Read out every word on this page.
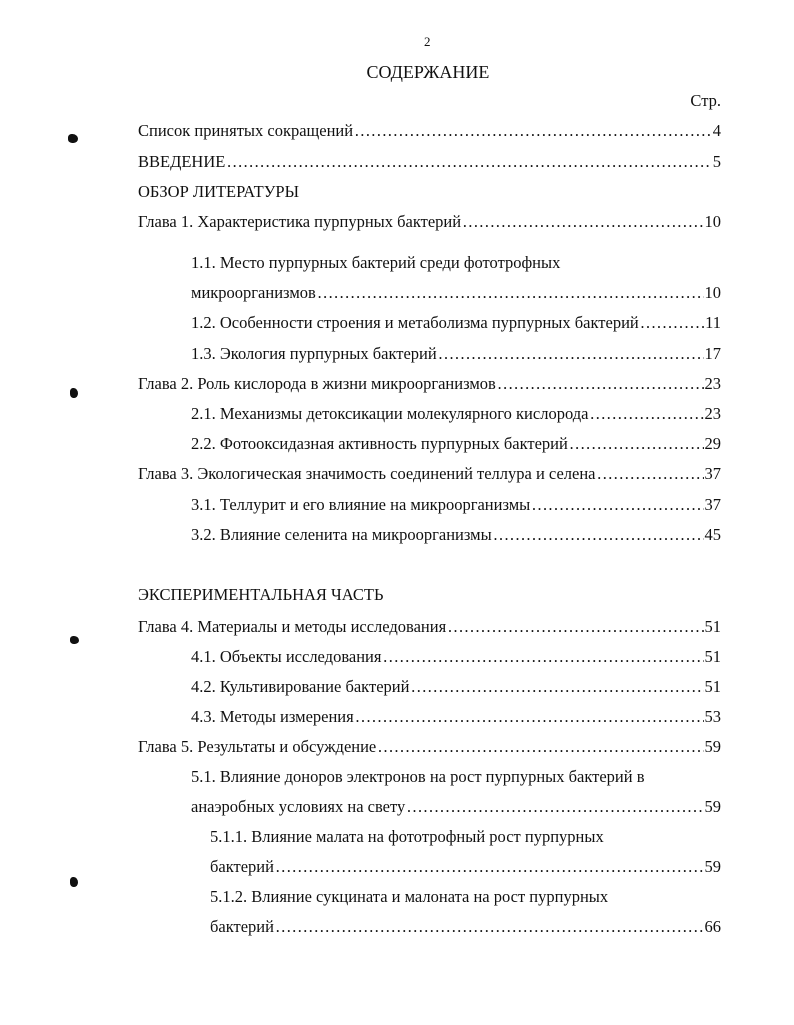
2
СОДЕРЖАНИЕ
Стр.
Список принятых сокращений ……………………………………………………………………………………………………………………………………………………………………………………	4
ВВЕДЕНИЕ ……………………………………………………………………………………………………………………………………………………………………………………	5
ОБЗОР ЛИТЕРАТУРЫ
Глава 1. Характеристика пурпурных бактерий ……………………………………………………………………………………………………………………………………………………………………………………	10
1.1. Место пурпурных бактерий среди фототрофных
микроорганизмов ……………………………………………………………………………………………………………………………………………………………………………………	10
1.2. Особенности строения и метаболизма пурпурных бактерий ……………………………………………………………………………………………………………………………………………………………………………………	11
1.3. Экология пурпурных бактерий ……………………………………………………………………………………………………………………………………………………………………………………	17
Глава 2. Роль кислорода в жизни микроорганизмов ……………………………………………………………………………………………………………………………………………………………………………………	23
2.1. Механизмы детоксикации молекулярного кислорода ……………………………………………………………………………………………………………………………………………………………………………………	23
2.2. Фотооксидазная активность пурпурных бактерий ……………………………………………………………………………………………………………………………………………………………………………………	29
Глава 3. Экологическая значимость соединений теллура и селена ……………………………………………………………………………………………………………………………………………………………………………………	37
3.1. Теллурит и его влияние на микроорганизмы ……………………………………………………………………………………………………………………………………………………………………………………	37
3.2. Влияние селенита на микроорганизмы ……………………………………………………………………………………………………………………………………………………………………………………	45
ЭКСПЕРИМЕНТАЛЬНАЯ ЧАСТЬ
Глава 4. Материалы и методы исследования ……………………………………………………………………………………………………………………………………………………………………………………	51
4.1. Объекты исследования ……………………………………………………………………………………………………………………………………………………………………………………	51
4.2. Культивирование бактерий ……………………………………………………………………………………………………………………………………………………………………………………	51
4.3. Методы измерения ……………………………………………………………………………………………………………………………………………………………………………………	53
Глава 5. Результаты и обсуждение ……………………………………………………………………………………………………………………………………………………………………………………	59
5.1. Влияние доноров электронов на рост пурпурных бактерий в
анаэробных условиях на свету ……………………………………………………………………………………………………………………………………………………………………………………	59
5.1.1. Влияние малата на фототрофный рост пурпурных
бактерий ……………………………………………………………………………………………………………………………………………………………………………………	59
5.1.2. Влияние сукцината и малоната на рост пурпурных
бактерий ……………………………………………………………………………………………………………………………………………………………………………………	66
